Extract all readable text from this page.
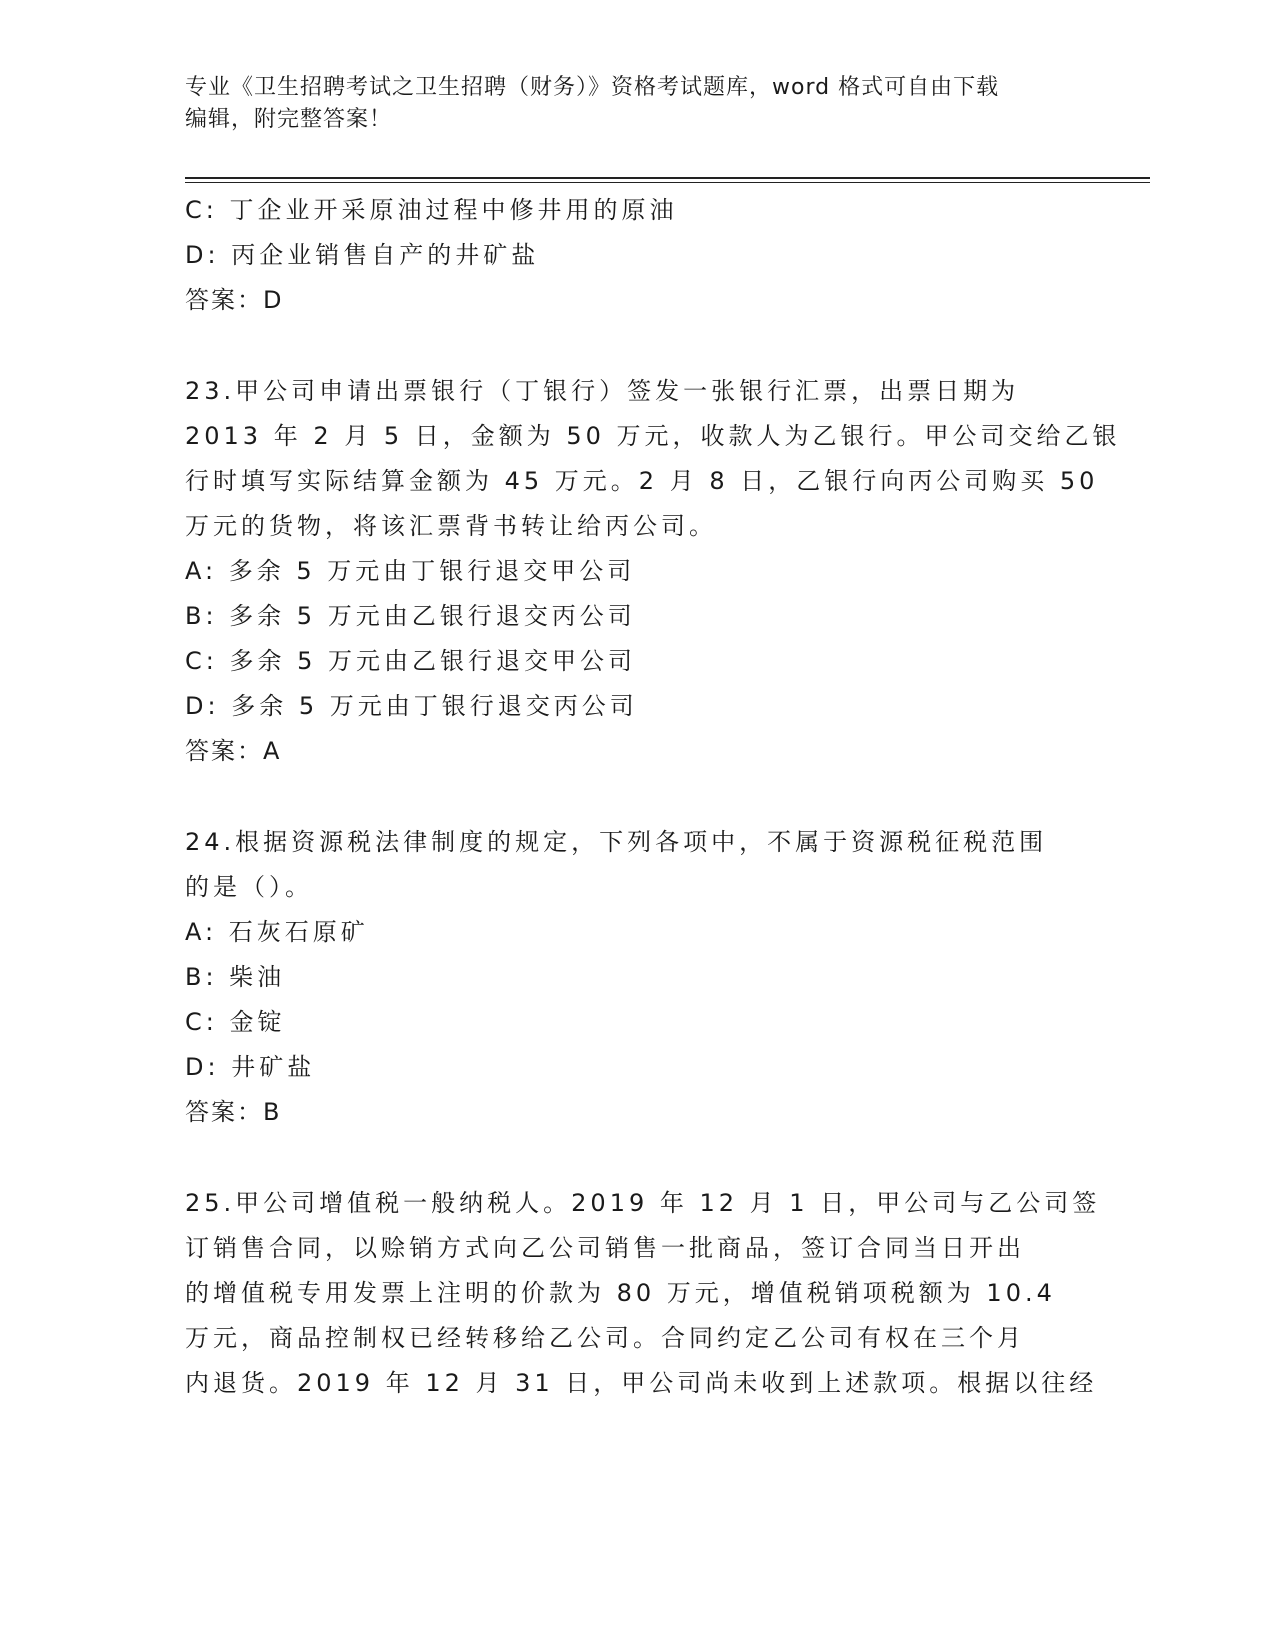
专业《卫生招聘考试之卫生招聘（财务）》资格考试题库，word 格式可自由下载
编辑，附完整答案！
C: 丁企业开采原油过程中修井用的原油
D: 丙企业销售自产的井矿盐
答案：D
23.甲公司申请出票银行（丁银行）签发一张银行汇票，出票日期为
2013 年 2 月 5 日，金额为 50 万元，收款人为乙银行。甲公司交给乙银
行时填写实际结算金额为 45 万元。2 月 8 日，乙银行向丙公司购买 50
万元的货物，将该汇票背书转让给丙公司。
A: 多余 5 万元由丁银行退交甲公司
B: 多余 5 万元由乙银行退交丙公司
C: 多余 5 万元由乙银行退交甲公司
D: 多余 5 万元由丁银行退交丙公司
答案：A
24.根据资源税法律制度的规定，下列各项中，不属于资源税征税范围
的是（）。
A: 石灰石原矿
B: 柴油
C: 金锭
D: 井矿盐
答案：B
25.甲公司增值税一般纳税人。2019 年 12 月 1 日，甲公司与乙公司签
订销售合同，以赊销方式向乙公司销售一批商品，签订合同当日开出
的增值税专用发票上注明的价款为 80 万元，增值税销项税额为 10.4
万元，商品控制权已经转移给乙公司。合同约定乙公司有权在三个月
内退货。2019 年 12 月 31 日，甲公司尚未收到上述款项。根据以往经
